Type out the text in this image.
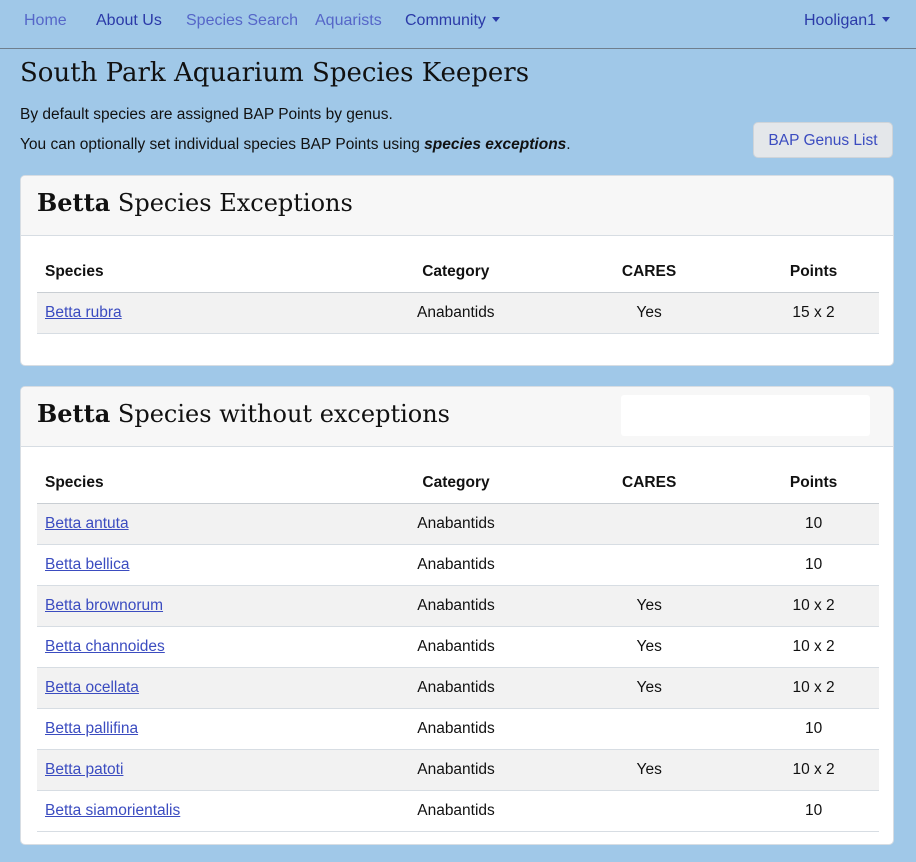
Home About Us Species Search Aquarists Community	Hooligan1
South Park Aquarium Species Keepers
By default species are assigned BAP Points by genus.
You can optionally set individual species BAP Points using species exceptions.	BAP Genus List
Betta Species Exceptions
Species	Category	CARES	Points
Betta rubra	Anabantids	Yes	15 x 2
Betta Species without exceptions
Species	Category	CARES	Points
Betta antuta	Anabantids		10
Betta bellica	Anabantids		10
Betta brownorum	Anabantids	Yes	10 x 2
Betta channoides	Anabantids	Yes	10 x 2
Betta ocellata	Anabantids	Yes	10 x 2
Betta pallifina	Anabantids		10
Betta patoti	Anabantids	Yes	10 x 2
Betta siamorientalis	Anabantids		10
